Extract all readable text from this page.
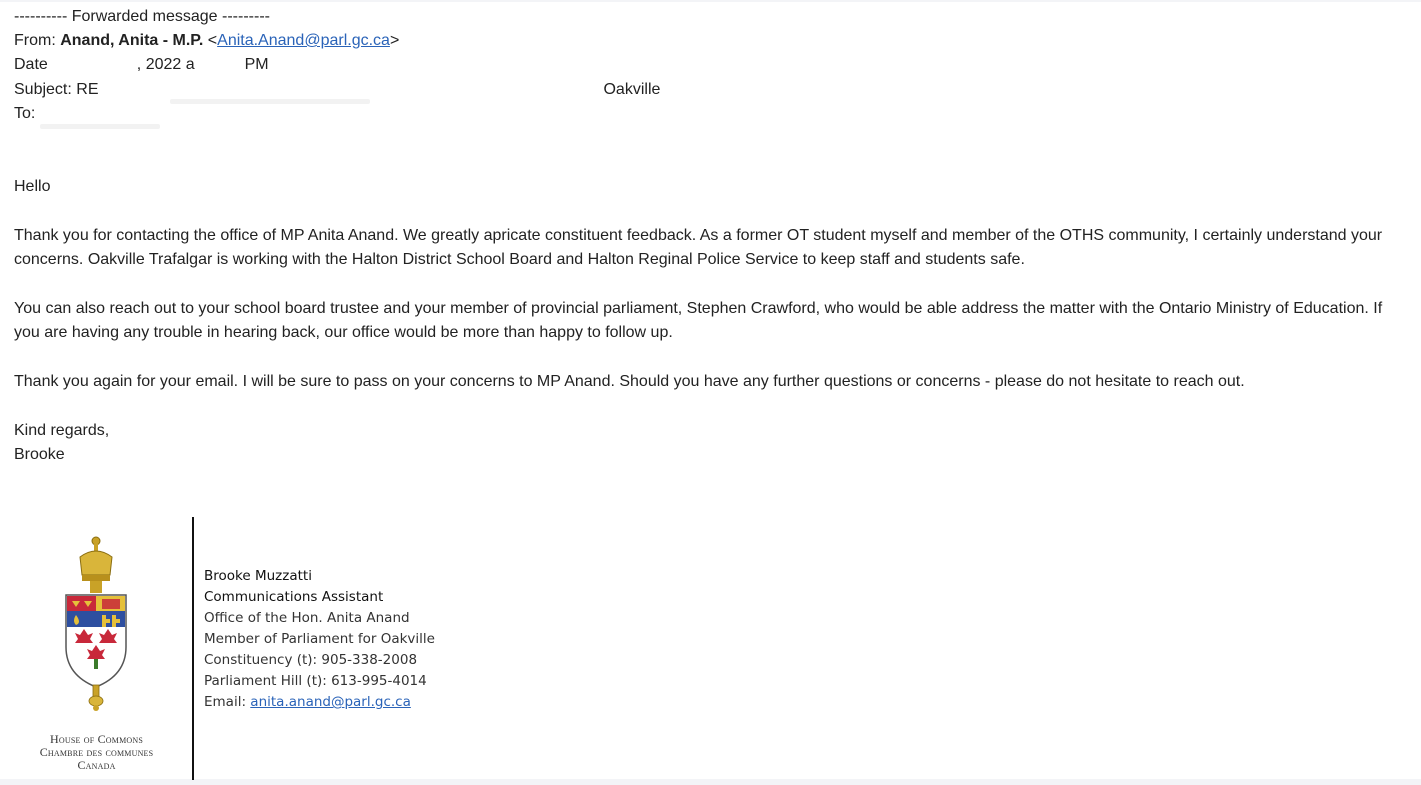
---------- Forwarded message ---------
From: Anand, Anita - M.P. <Anita.Anand@parl.gc.ca>
Date	, 2022 a	PM
Subject: RE	Oakville
To:
Hello
Thank you for contacting the office of MP Anita Anand. We greatly apricate constituent feedback. As a former OT student myself and member of the OTHS community, I certainly understand your concerns. Oakville Trafalgar is working with the Halton District School Board and Halton Reginal Police Service to keep staff and students safe.
You can also reach out to your school board trustee and your member of provincial parliament, Stephen Crawford, who would be able address the matter with the Ontario Ministry of Education. If you are having any trouble in hearing back, our office would be more than happy to follow up.
Thank you again for your email. I will be sure to pass on your concerns to MP Anand. Should you have any further questions or concerns - please do not hesitate to reach out.
Kind regards,
Brooke
House of Commons
Chambre des communes
Canada
Brooke Muzzatti
Communications Assistant
Office of the Hon. Anita Anand
Member of Parliament for Oakville
Constituency (t): 905-338-2008
Parliament Hill (t): 613-995-4014
Email: anita.anand@parl.gc.ca
